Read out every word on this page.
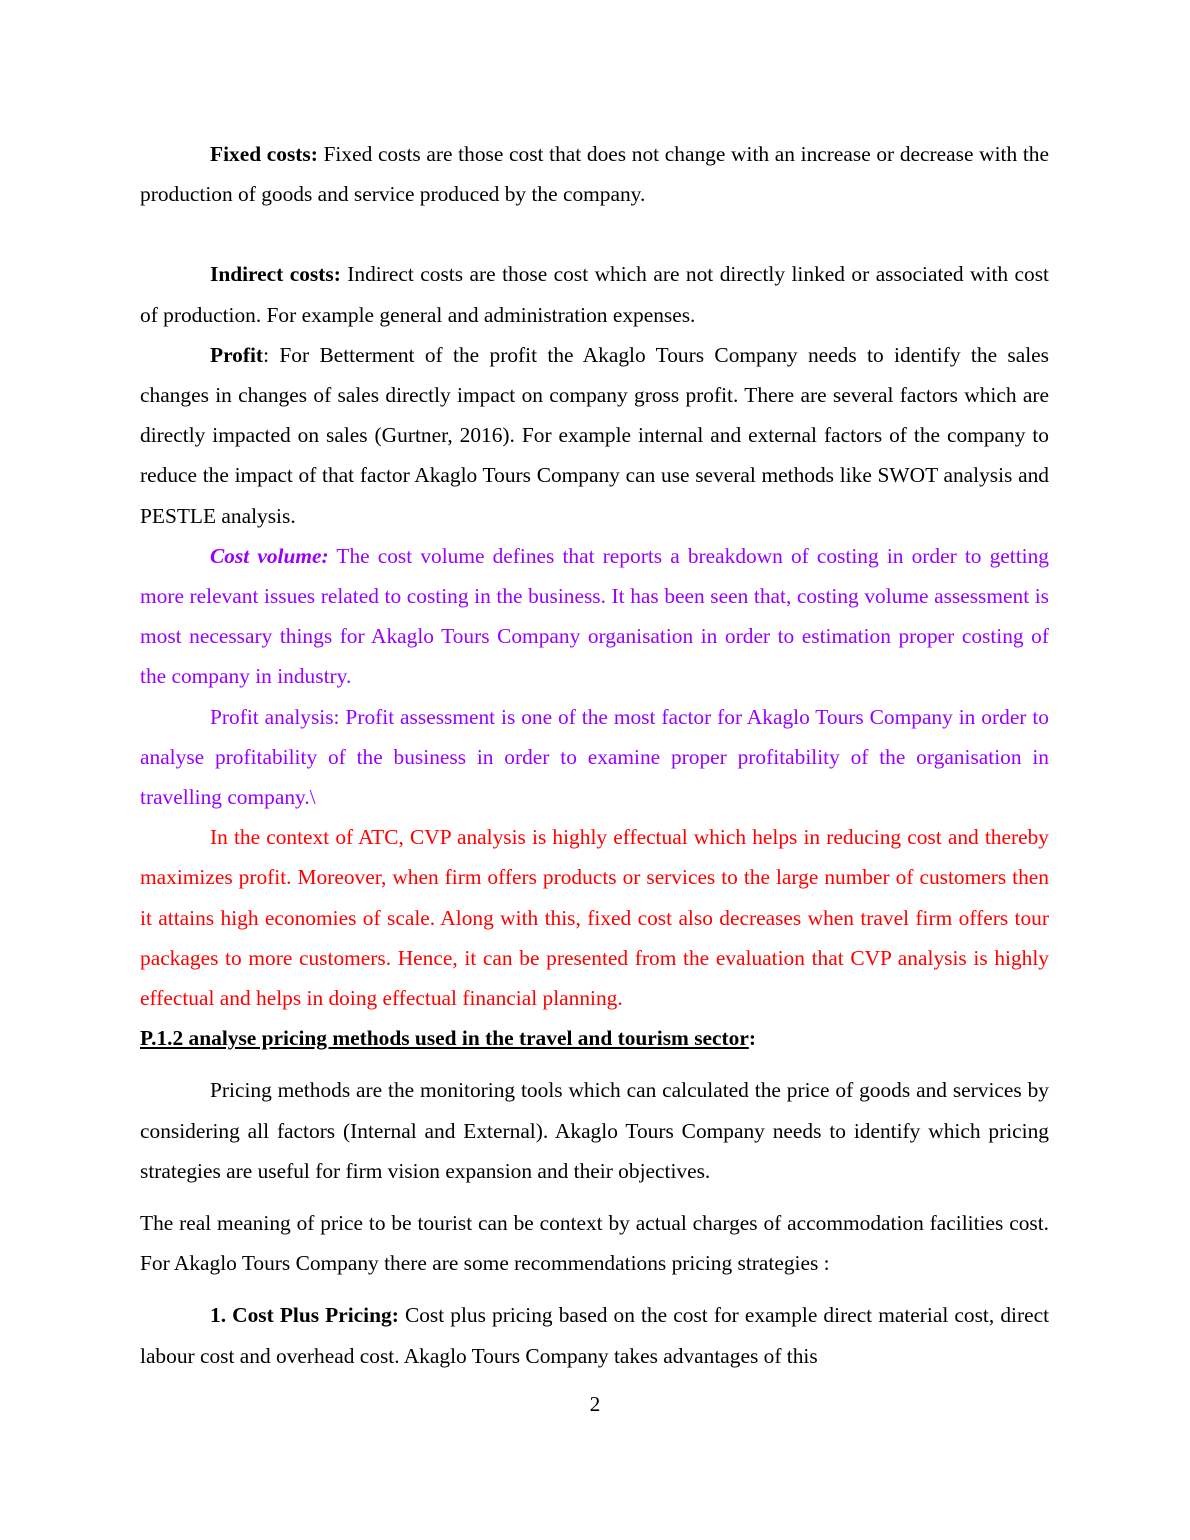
Fixed costs: Fixed costs are those cost that does not change with an increase or decrease with the production of goods and service produced by the company.

Indirect costs: Indirect costs are those cost which are not directly linked or associated with cost of production. For example general and administration expenses.

Profit: For Betterment of the profit the Akaglo Tours Company needs to identify the sales changes in changes of sales directly impact on company gross profit. There are several factors which are directly impacted on sales (Gurtner, 2016). For example internal and external factors of the company to reduce the impact of that factor Akaglo Tours Company can use several methods like SWOT analysis and PESTLE analysis.

Cost volume: The cost volume defines that reports a breakdown of costing in order to getting more relevant issues related to costing in the business. It has been seen that, costing volume assessment is most necessary things for Akaglo Tours Company organisation in order to estimation proper costing of the company in industry.

Profit analysis: Profit assessment is one of the most factor for Akaglo Tours Company in order to analyse profitability of the business in order to examine proper profitability of the organisation in travelling company.\

In the context of ATC, CVP analysis is highly effectual which helps in reducing cost and thereby maximizes profit. Moreover, when firm offers products or services to the large number of customers then it attains high economies of scale. Along with this, fixed cost also decreases when travel firm offers tour packages to more customers. Hence, it can be presented from the evaluation that CVP analysis is highly effectual and helps in doing effectual financial planning.

P.1.2 analyse pricing methods used in the travel and tourism sector:

Pricing methods are the monitoring tools which can calculated the price of goods and services by considering all factors (Internal and External). Akaglo Tours Company needs to identify which pricing strategies are useful for firm vision expansion and their objectives.

The real meaning of price to be tourist can be context by actual charges of accommodation facilities cost. For Akaglo Tours Company there are some recommendations pricing strategies :

1. Cost Plus Pricing: Cost plus pricing based on the cost for example direct material cost, direct labour cost and overhead cost. Akaglo Tours Company takes advantages of this

2
